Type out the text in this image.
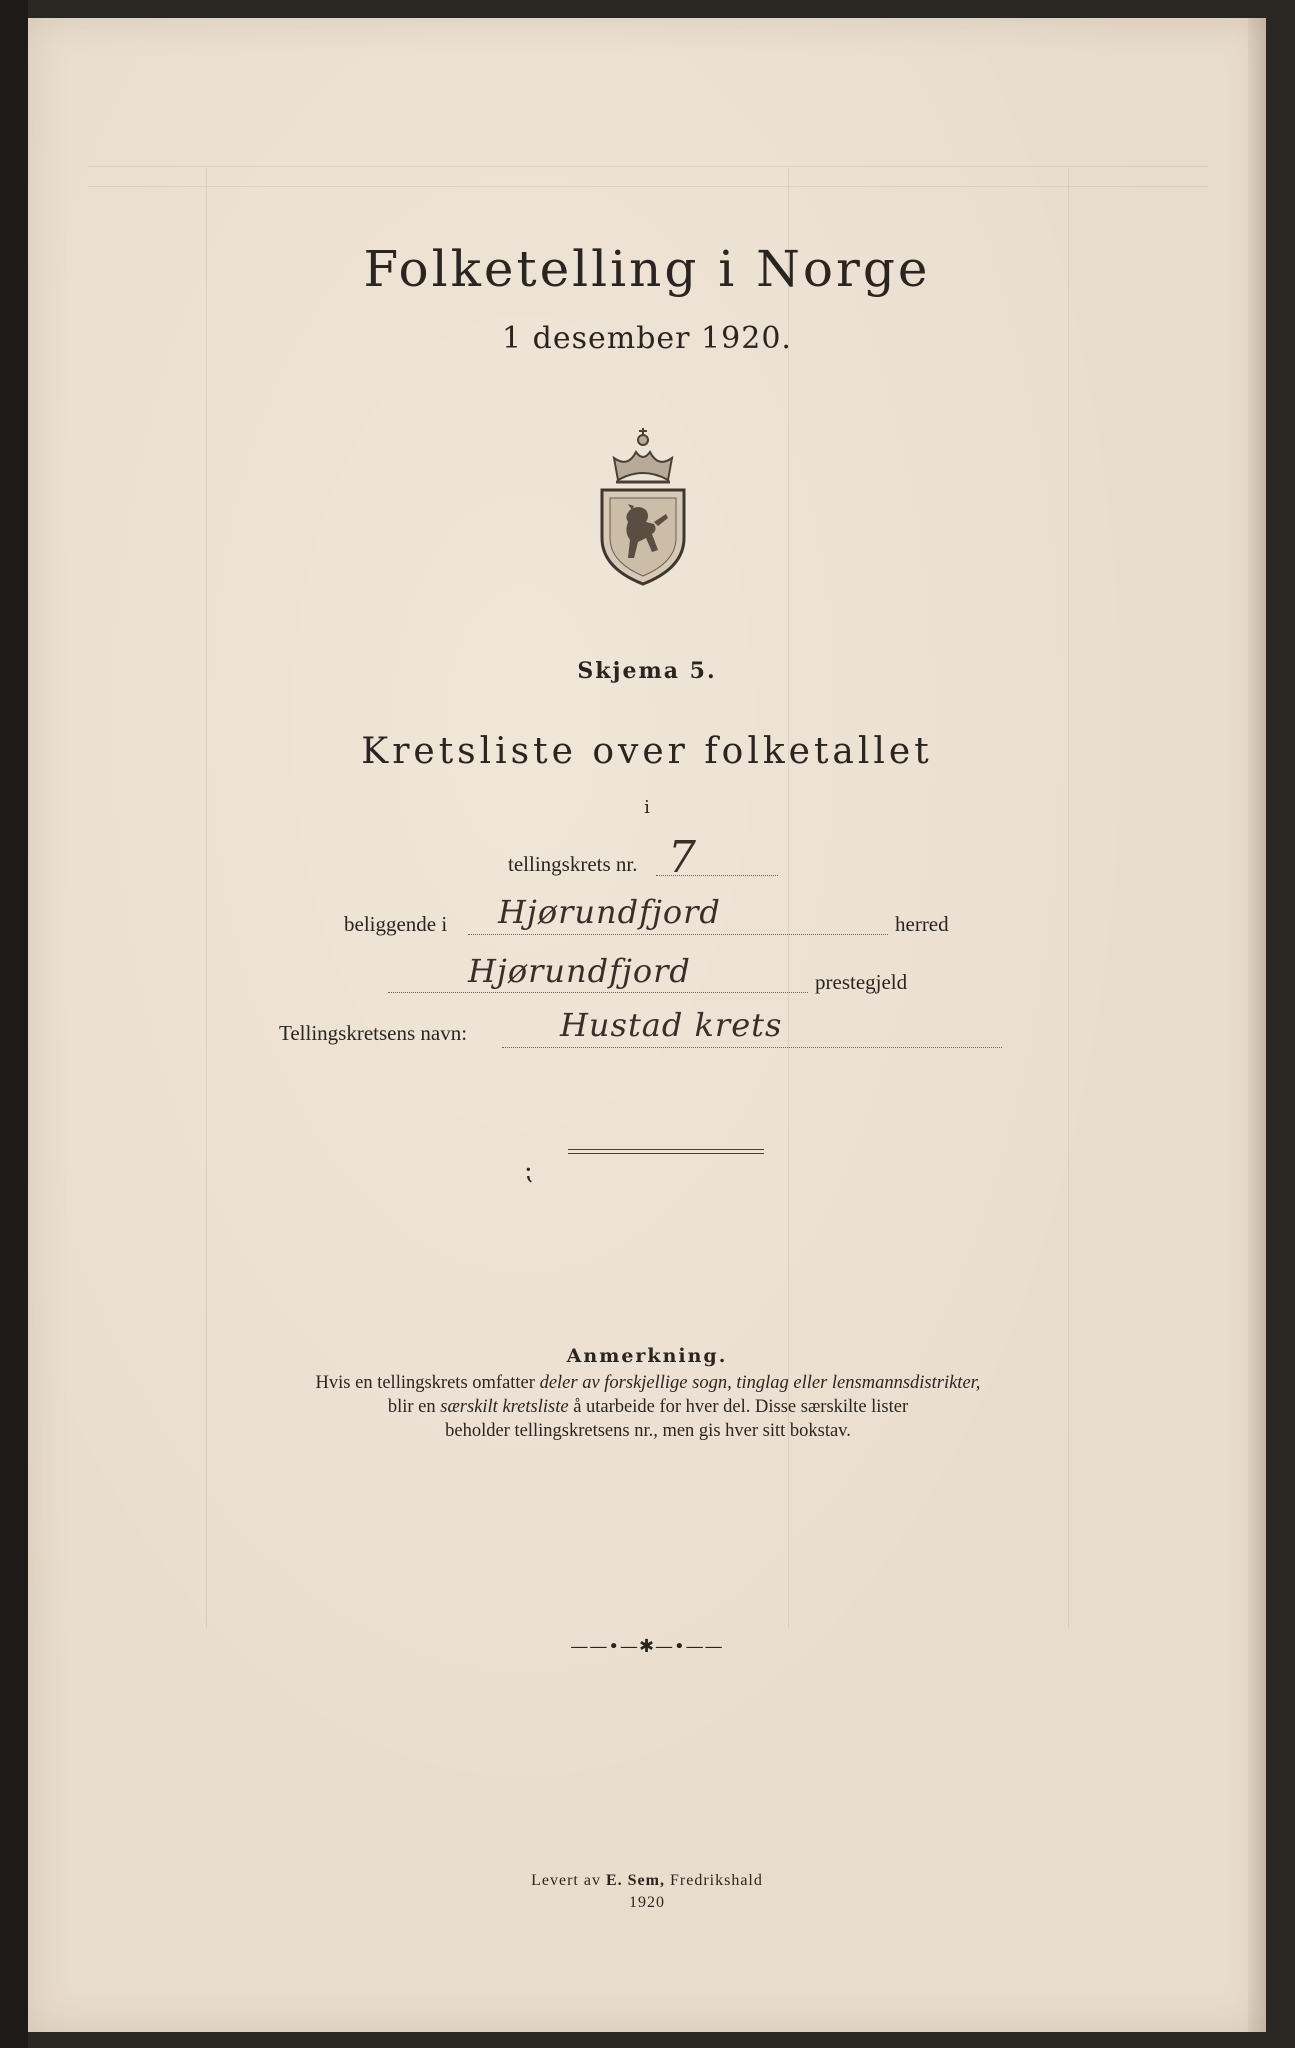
Folketelling i Norge
1 desember 1920.
Skjema 5.
Kretsliste over folketallet
i
tellingskrets nr. 7
beliggende i Hjørundfjord	herred
Hjørundfjord	prestegjeld
Tellingskretsens navn:	Hustad krets
⁏
Anmerkning.
Hvis en tellingskrets omfatter deler av forskjellige sogn, tinglag eller lensmannsdistrikter,
blir en særskilt kretsliste å utarbeide for hver del. Disse særskilte lister
beholder tellingskretsens nr., men gis hver sitt bokstav.
——•—✱—•——
Levert av E. Sem, Fredrikshald
1920
